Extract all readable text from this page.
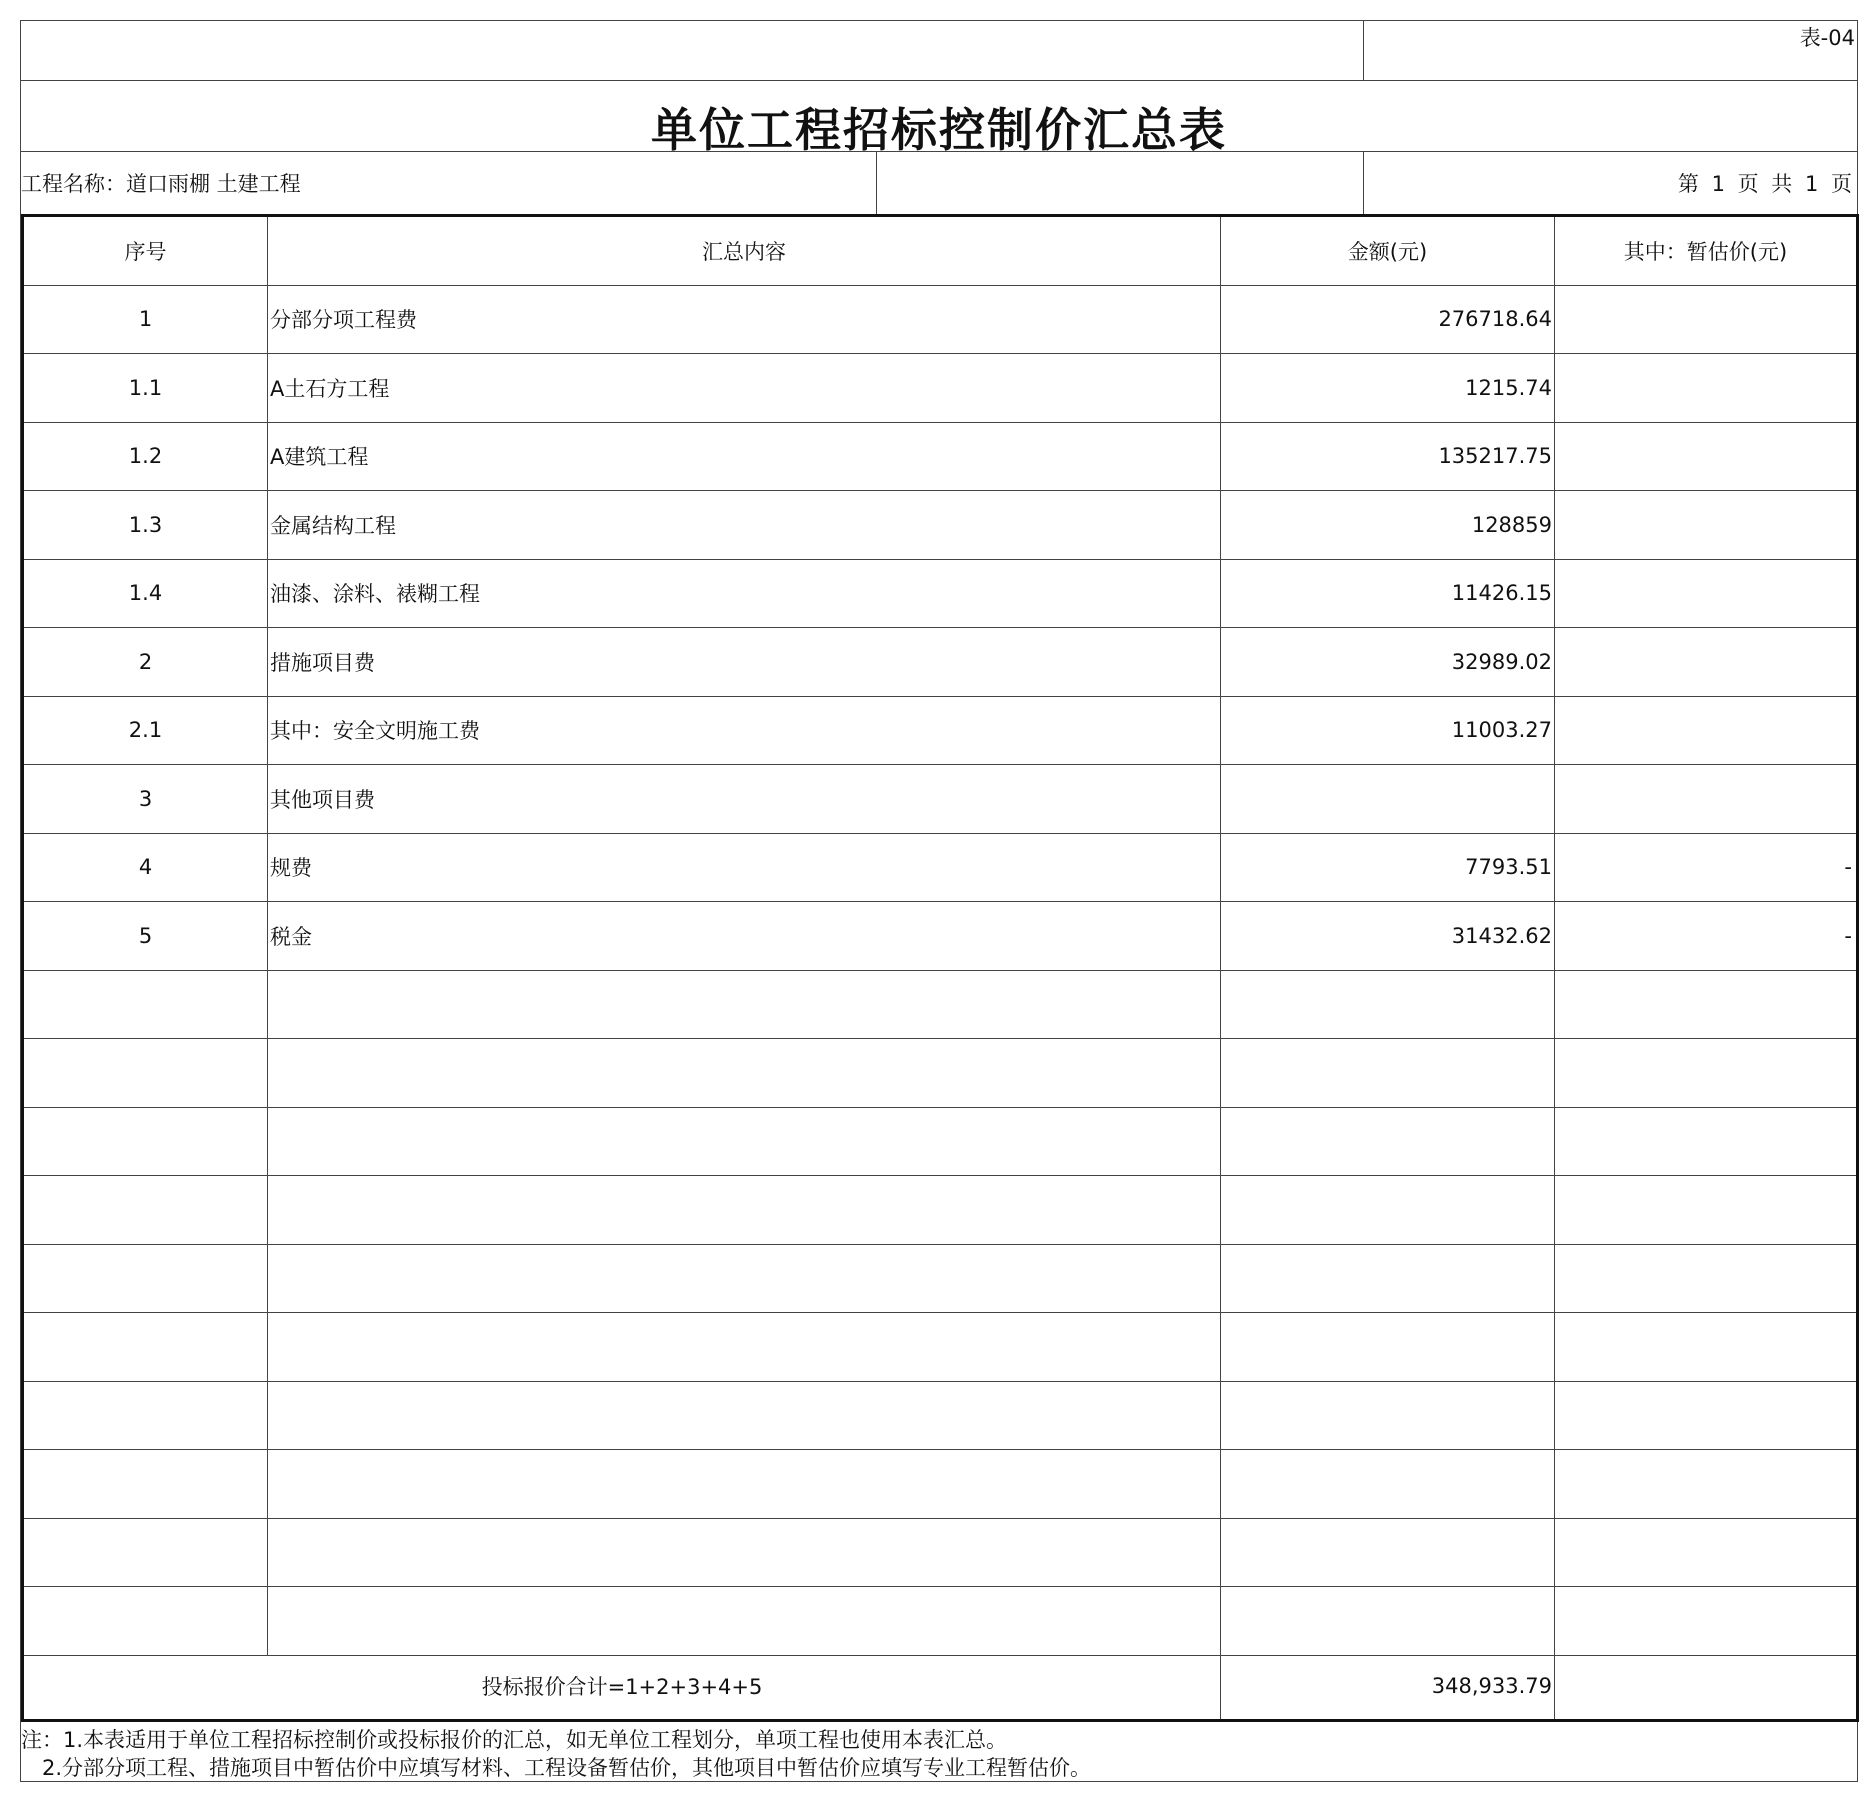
表-04
单位工程招标控制价汇总表
工程名称：道口雨棚 土建工程	第 1 页 共 1 页
序号	汇总内容	金额(元)	其中：暂估价(元)
1	分部分项工程费	276718.64
1.1	A土石方工程	1215.74
1.2	A建筑工程	135217.75
1.3	金属结构工程	128859
1.4	油漆、涂料、裱糊工程	11426.15
2	措施项目费	32989.02
2.1	其中：安全文明施工费	11003.27
3	其他项目费
4	规费	7793.51	-
5	税金	31432.62	-
投标报价合计=1+2+3+4+5	348,933.79
注：1.本表适用于单位工程招标控制价或投标报价的汇总，如无单位工程划分，单项工程也使用本表汇总。
　2.分部分项工程、措施项目中暂估价中应填写材料、工程设备暂估价，其他项目中暂估价应填写专业工程暂估价。
